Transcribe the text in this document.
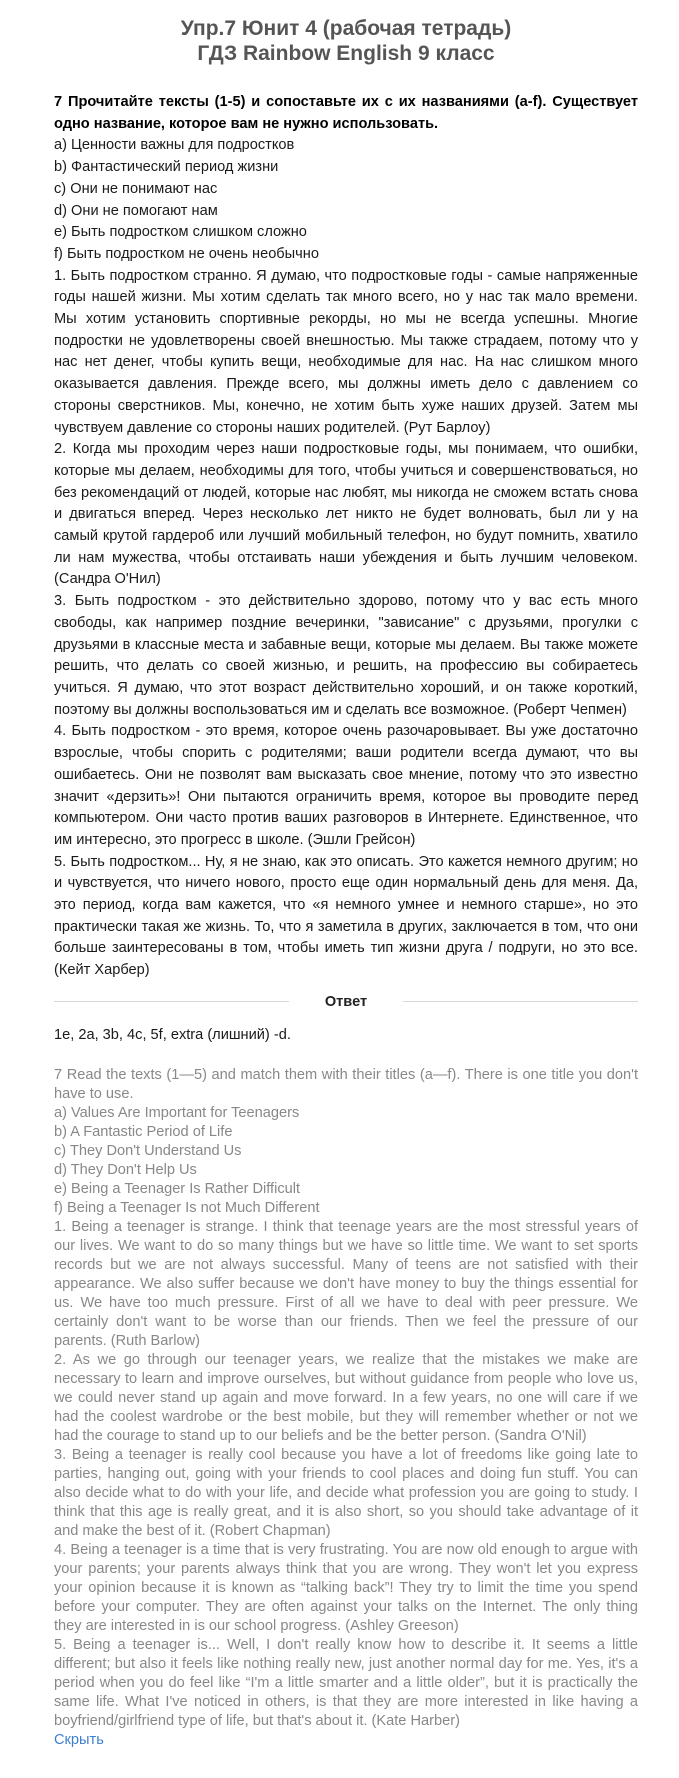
Упр.7 Юнит 4 (рабочая тетрадь)
ГДЗ Rainbow English 9 класс

7 Прочитайте тексты (1-5) и сопоставьте их с их названиями (a-f). Существует одно название, которое вам не нужно использовать.

a) Ценности важны для подростков

b) Фантастический период жизни

c) Они не понимают нас

d) Они не помогают нам

e) Быть подростком слишком сложно

f) Быть подростком не очень необычно

1. Быть подростком странно. Я думаю, что подростковые годы - самые напряженные годы нашей жизни. Мы хотим сделать так много всего, но у нас так мало времени. Мы хотим установить спортивные рекорды, но мы не всегда успешны. Многие подростки не удовлетворены своей внешностью. Мы также страдаем, потому что у нас нет денег, чтобы купить вещи, необходимые для нас. На нас слишком много оказывается давления. Прежде всего, мы должны иметь дело с давлением со стороны сверстников. Мы, конечно, не хотим быть хуже наших друзей. Затем мы чувствуем давление со стороны наших родителей. (Рут Барлоу)

2. Когда мы проходим через наши подростковые годы, мы понимаем, что ошибки, которые мы делаем, необходимы для того, чтобы учиться и совершенствоваться, но без рекомендаций от людей, которые нас любят, мы никогда не сможем встать снова и двигаться вперед. Через несколько лет никто не будет волновать, был ли у на самый крутой гардероб или лучший мобильный телефон, но будут помнить, хватило ли нам мужества, чтобы отстаивать наши убеждения и быть лучшим человеком. (Сандра О'Нил)

3. Быть подростком - это действительно здорово, потому что у вас есть много свободы, как например поздние вечеринки, "зависание" с друзьями, прогулки с друзьями в классные места и забавные вещи, которые мы делаем. Вы также можете решить, что делать со своей жизнью, и решить, на профессию вы собираетесь учиться. Я думаю, что этот возраст действительно хороший, и он также короткий, поэтому вы должны воспользоваться им и сделать все возможное. (Роберт Чепмен)

4. Быть подростком - это время, которое очень разочаровывает. Вы уже достаточно взрослые, чтобы спорить с родителями; ваши родители всегда думают, что вы ошибаетесь. Они не позволят вам высказать свое мнение, потому что это известно значит «дерзить»! Они пытаются ограничить время, которое вы проводите перед компьютером. Они часто против ваших разговоров в Интернете. Единственное, что им интересно, это прогресс в школе. (Эшли Грейсон)

5. Быть подростком... Ну, я не знаю, как это описать. Это кажется немного другим; но и чувствуется, что ничего нового, просто еще один нормальный день для меня. Да, это период, когда вам кажется, что «я немного умнее и немного старше», но это практически такая же жизнь. То, что я заметила в других, заключается в том, что они больше заинтересованы в том, чтобы иметь тип жизни друга / подруги, но это все. (Кейт Харбер)

Ответ
1e, 2a, 3b, 4c, 5f, extra (лишний) -d.

7 Read the texts (1—5) and match them with their titles (a—f). There is one title you don't have to use.

a) Values Are Important for Teenagers

b) A Fantastic Period of Life

c) They Don't Understand Us

d) They Don't Help Us

e) Being a Teenager Is Rather Difficult

f) Being a Teenager Is not Much Different

1. Being a teenager is strange. I think that teenage years are the most stressful years of our lives. We want to do so many things but we have so little time. We want to set sports records but we are not always successful. Many of teens are not satisfied with their appearance. We also suffer because we don't have money to buy the things essential for us. We have too much pressure. First of all we have to deal with peer pressure. We certainly don't want to be worse than our friends. Then we feel the pressure of our parents. (Ruth Barlow)

2. As we go through our teenager years, we realize that the mistakes we make are necessary to learn and improve ourselves, but without guidance from people who love us, we could never stand up again and move forward. In a few years, no one will care if we had the coolest wardrobe or the best mobile, but they will remember whether or not we had the courage to stand up to our beliefs and be the better person. (Sandra O'Nil)

3. Being a teenager is really cool because you have a lot of freedoms like going late to parties, hanging out, going with your friends to cool places and doing fun stuff. You can also decide what to do with your life, and decide what profession you are going to study. I think that this age is really great, and it is also short, so you should take advantage of it and make the best of it. (Robert Chapman)

4. Being a teenager is a time that is very frustrating. You are now old enough to argue with your parents; your parents always think that you are wrong. They won't let you express your opinion because it is known as “talking back”! They try to limit the time you spend before your computer. They are often against your talks on the Internet. The only thing they are interested in is our school progress. (Ashley Greeson)

5. Being a teenager is... Well, I don't really know how to describe it. It seems a little different; but also it feels like nothing really new, just another normal day for me. Yes, it's a period when you do feel like “I'm a little smarter and a little older”, but it is practically the same life. What I've noticed in others, is that they are more interested in like having a boyfriend/girlfriend type of life, but that's about it. (Kate Harber)

Скрыть
